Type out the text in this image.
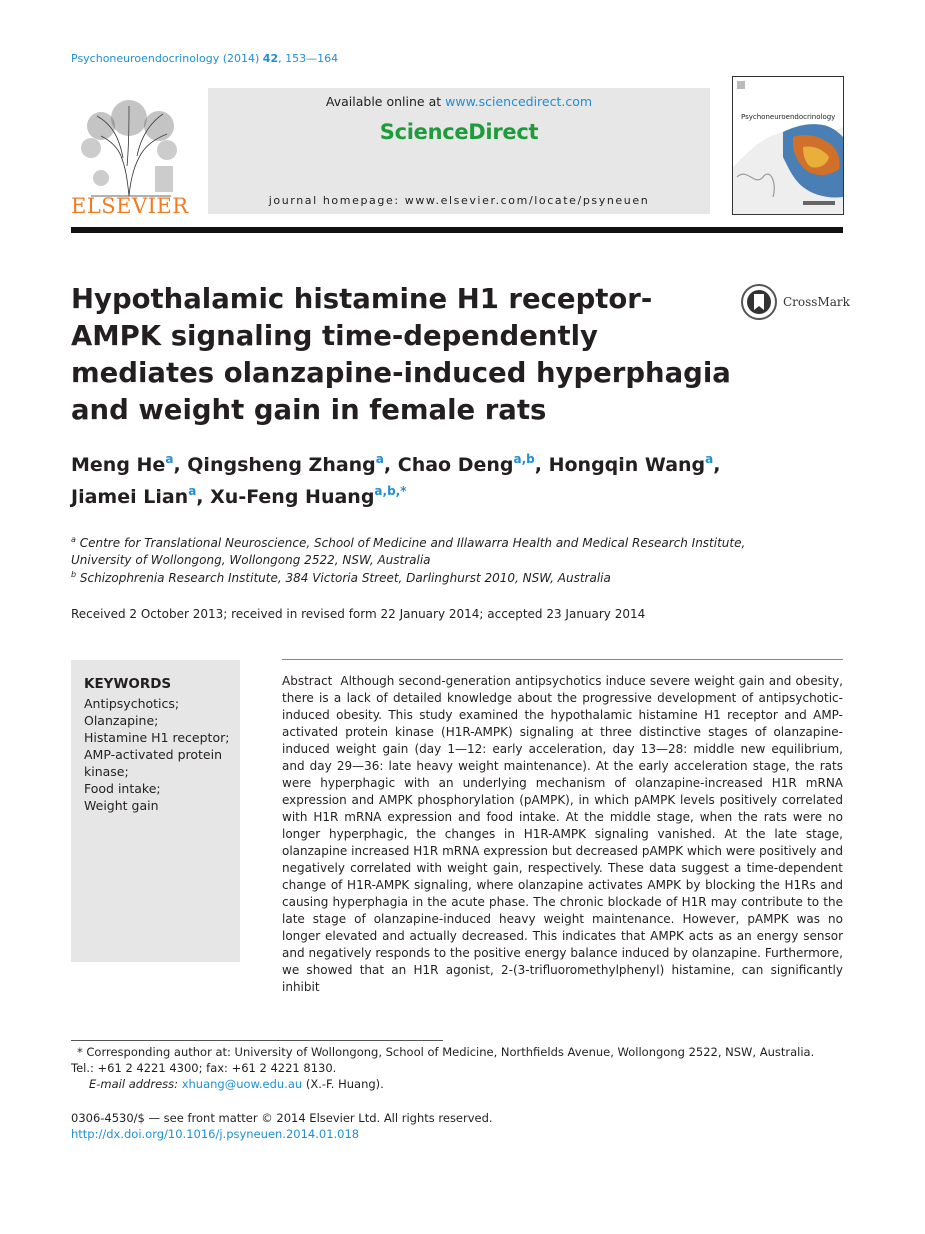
Psychoneuroendocrinology (2014) 42, 153—164
ELSEVIER
Available online at www.sciencedirect.com
ScienceDirect
journal homepage: www.elsevier.com/locate/psyneuen
Psychoneuroendocrinology
Hypothalamic histamine H1 receptor-AMPK signaling time-dependently mediates olanzapine-induced hyperphagia and weight gain in female rats
CrossMark
Meng He$^a$, Qingsheng Zhang$^a$, Chao Deng$^{a,b}$, Hongqin Wang$^a$,
Jiamei Lian$^a$, Xu-Feng Huang$^{a,b,*}$
$^a$ Centre for Translational Neuroscience, School of Medicine and Illawarra Health and Medical Research Institute, University of Wollongong, Wollongong 2522, NSW, Australia
$^b$ Schizophrenia Research Institute, 384 Victoria Street, Darlinghurst 2010, NSW, Australia
Received 2 October 2013; received in revised form 22 January 2014; accepted 23 January 2014
KEYWORDS
Antipsychotics;
Olanzapine;
Histamine H1 receptor;
AMP-activated protein kinase;
Food intake;
Weight gain
Abstract Although second-generation antipsychotics induce severe weight gain and obesity, there is a lack of detailed knowledge about the progressive development of antipsychotic-induced obesity. This study examined the hypothalamic histamine H1 receptor and AMP-activated protein kinase (H1R-AMPK) signaling at three distinctive stages of olanzapine-induced weight gain (day 1—12: early acceleration, day 13—28: middle new equilibrium, and day 29—36: late heavy weight maintenance). At the early acceleration stage, the rats were hyperphagic with an underlying mechanism of olanzapine-increased H1R mRNA expression and AMPK phosphorylation (pAMPK), in which pAMPK levels positively correlated with H1R mRNA expression and food intake. At the middle stage, when the rats were no longer hyperphagic, the changes in H1R-AMPK signaling vanished. At the late stage, olanzapine increased H1R mRNA expression but decreased pAMPK which were positively and negatively correlated with weight gain, respectively. These data suggest a time-dependent change of H1R-AMPK signaling, where olanzapine activates AMPK by blocking the H1Rs and causing hyperphagia in the acute phase. The chronic blockade of H1R may contribute to the late stage of olanzapine-induced heavy weight maintenance. However, pAMPK was no longer elevated and actually decreased. This indicates that AMPK acts as an energy sensor and negatively responds to the positive energy balance induced by olanzapine. Furthermore, we showed that an H1R agonist, 2-(3-trifluoromethylphenyl) histamine, can significantly inhibit
* Corresponding author at: University of Wollongong, School of Medicine, Northfields Avenue, Wollongong 2522, NSW, Australia.
Tel.: +61 2 4221 4300; fax: +61 2 4221 8130.
E-mail address: xhuang@uow.edu.au (X.-F. Huang).
0306-4530/$ — see front matter © 2014 Elsevier Ltd. All rights reserved.
http://dx.doi.org/10.1016/j.psyneuen.2014.01.018
